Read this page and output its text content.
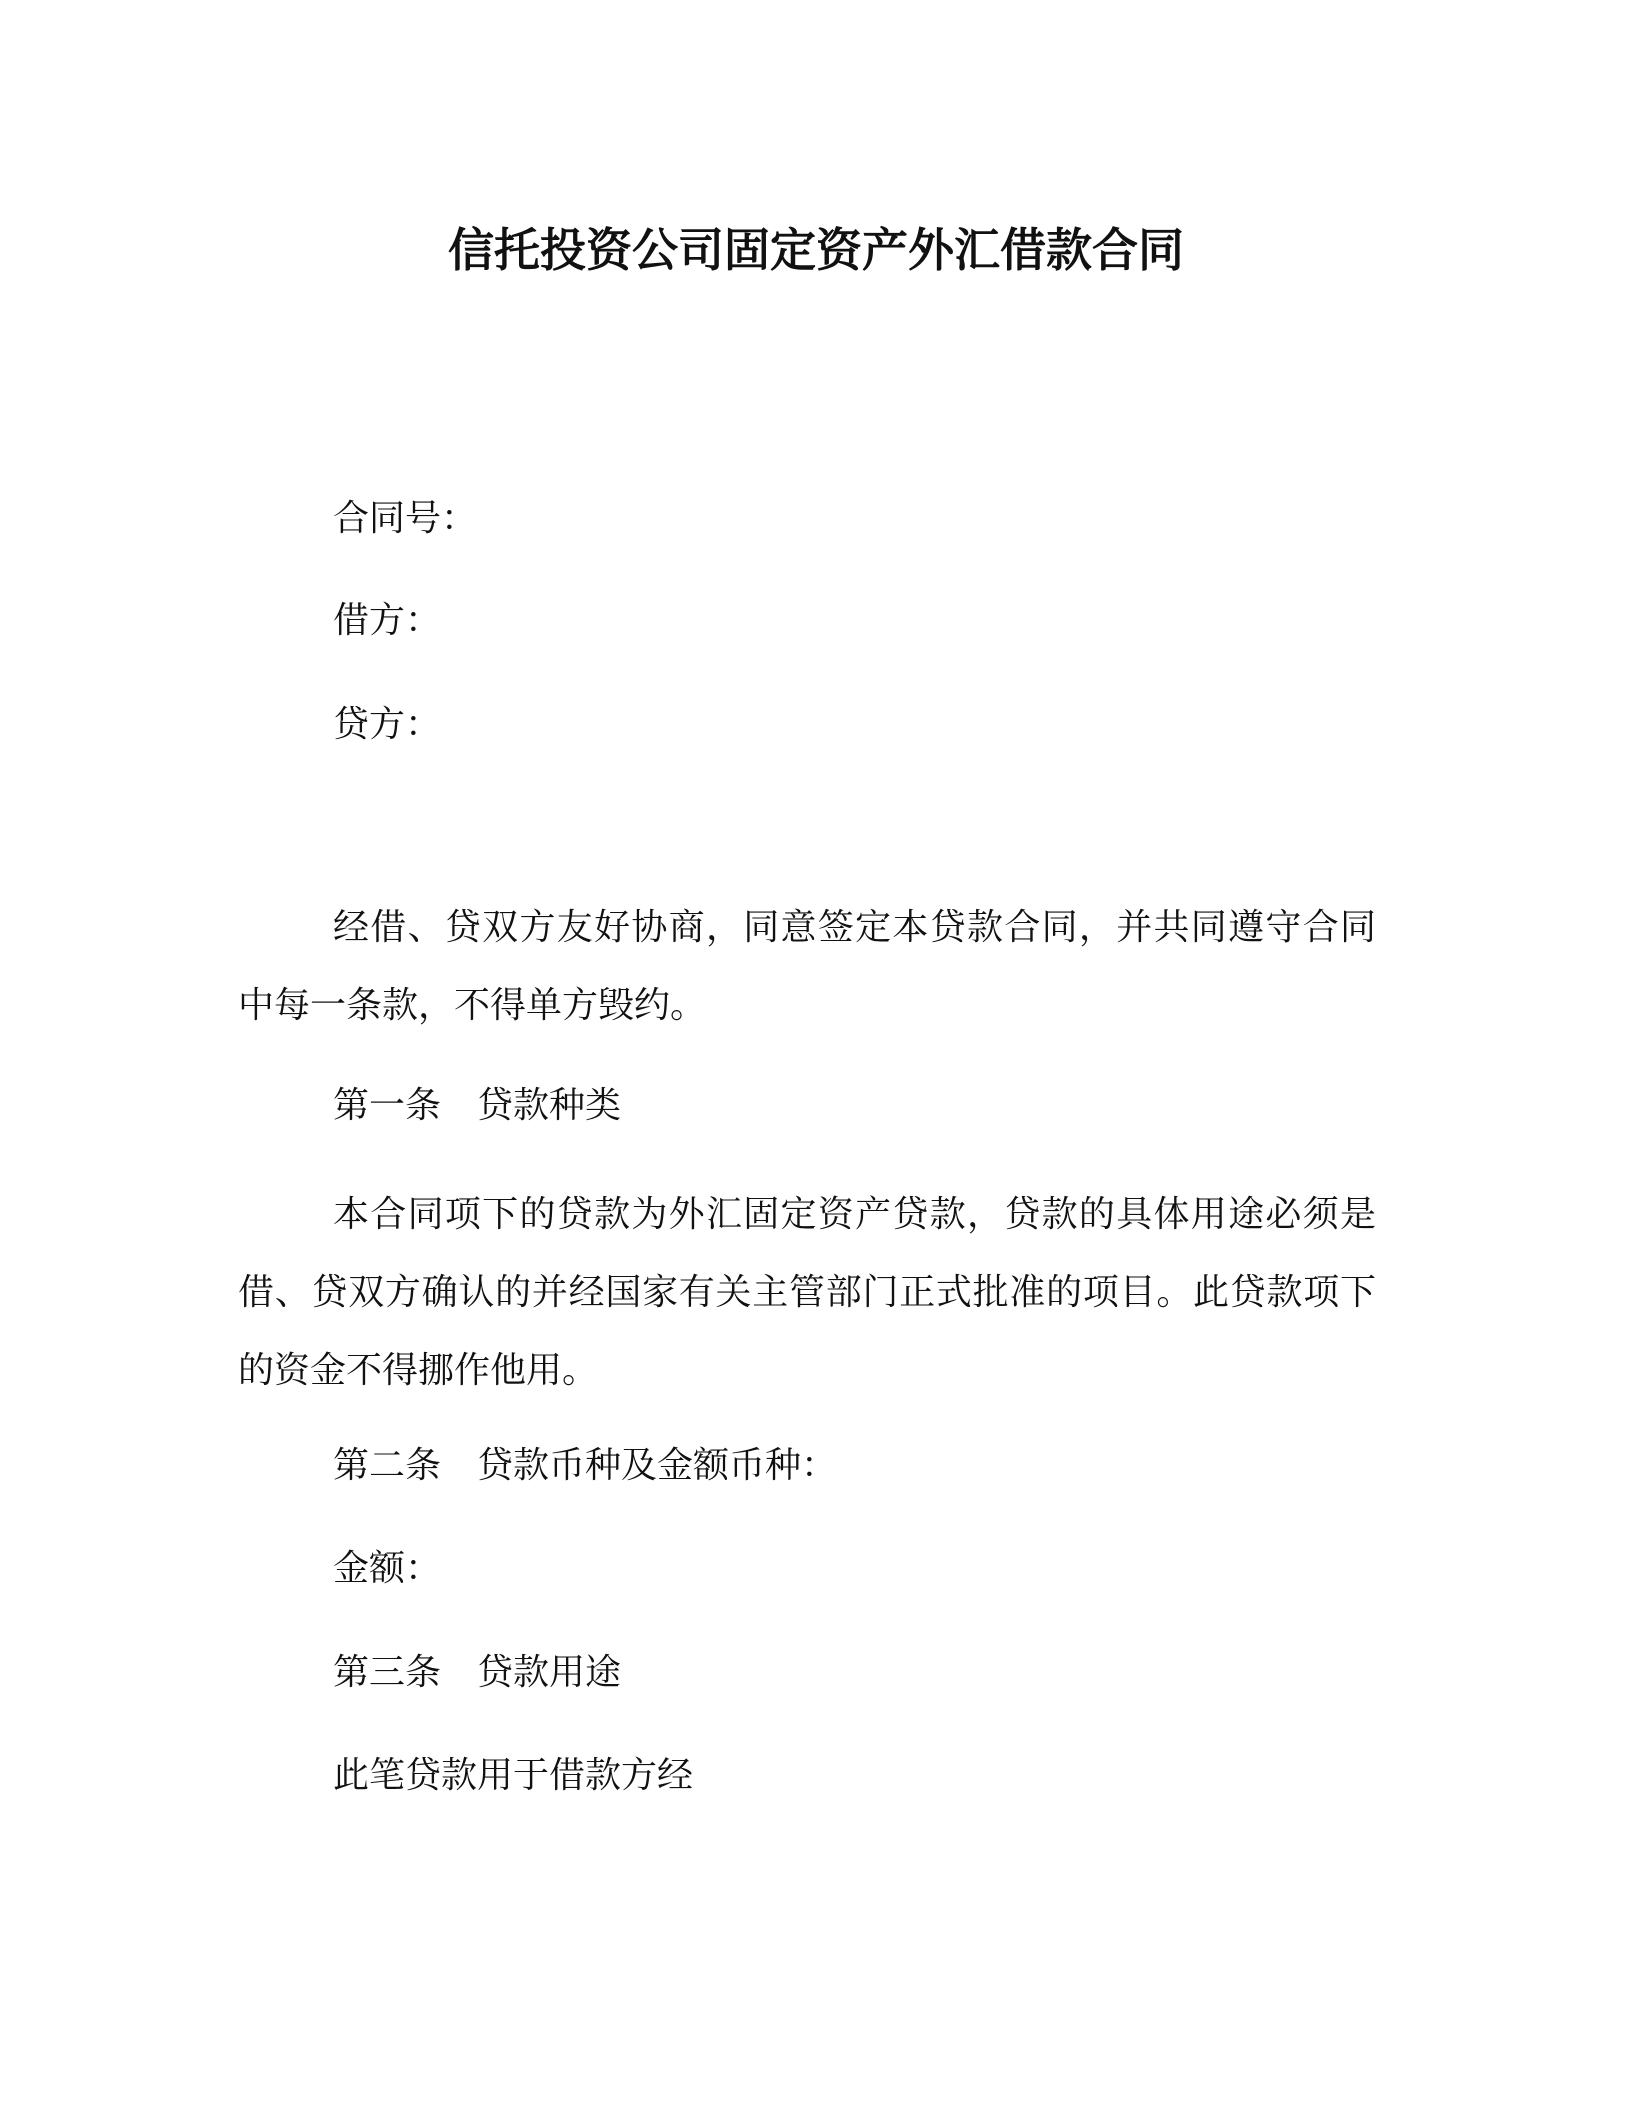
信托投资公司固定资产外汇借款合同
合同号：
借方：
贷方：
经借、贷双方友好协商，同意签定本贷款合同，并共同遵守合同中每一条款，不得单方毁约。
第一条 贷款种类
本合同项下的贷款为外汇固定资产贷款，贷款的具体用途必须是借、贷双方确认的并经国家有关主管部门正式批准的项目。此贷款项下的资金不得挪作他用。
第二条 贷款币种及金额币种：
金额：
第三条 贷款用途
此笔贷款用于借款方经
